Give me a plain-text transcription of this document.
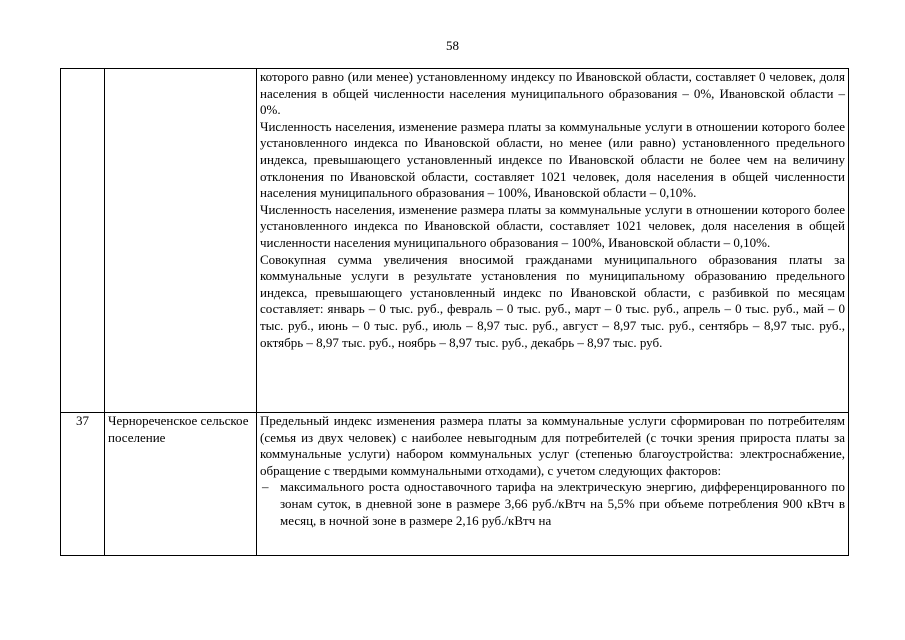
58

		которого равно (или менее) установленному индексу по Ивановской области, составляет 0 человек, доля населения в общей численности населения муниципального образования – 0%, Ивановской области – 0%.

Численность населения, изменение размера платы за коммунальные услуги в отношении которого более установленного индекса по Ивановской области, но менее (или равно) установленного предельного индекса, превышающего установленный индексе по Ивановской области не более чем на величину отклонения по Ивановской области, составляет 1021 человек, доля населения в общей численности населения муниципального образования – 100%, Ивановской области – 0,10%.

Численность населения, изменение размера платы за коммунальные услуги в отношении которого более установленного индекса по Ивановской области, составляет 1021 человек, доля населения в общей численности населения муниципального образования – 100%, Ивановской области – 0,10%.

Совокупная сумма увеличения вносимой гражданами муниципального образования платы за коммунальные услуги в результате установления по муниципальному образованию предельного индекса, превышающего установленный индекс по Ивановской области, с разбивкой по месяцам составляет: январь – 0 тыс. руб., февраль – 0 тыс. руб., март – 0 тыс. руб., апрель – 0 тыс. руб., май – 0 тыс. руб., июнь – 0 тыс. руб., июль – 8,97 тыс. руб., август – 8,97 тыс. руб., сентябрь – 8,97 тыс. руб., октябрь – 8,97 тыс. руб., ноябрь – 8,97 тыс. руб., декабрь – 8,97 тыс. руб.

37	Чернореченское сельское поселение	Предельный индекс изменения размера платы за коммунальные услуги сформирован по потребителям (семья из двух человек) с наиболее невыгодным для потребителей (с точки зрения прироста платы за коммунальные услуги) набором коммунальных услуг (степенью благоустройства: электроснабжение, обращение с твердыми коммунальными отходами), с учетом следующих факторов:

– максимального роста одноставочного тарифа на электрическую энергию, дифференцированного по зонам суток, в дневной зоне в размере 3,66 руб./кВтч на 5,5% при объеме потребления 900 кВтч в месяц, в ночной зоне в размере 2,16 руб./кВтч на
